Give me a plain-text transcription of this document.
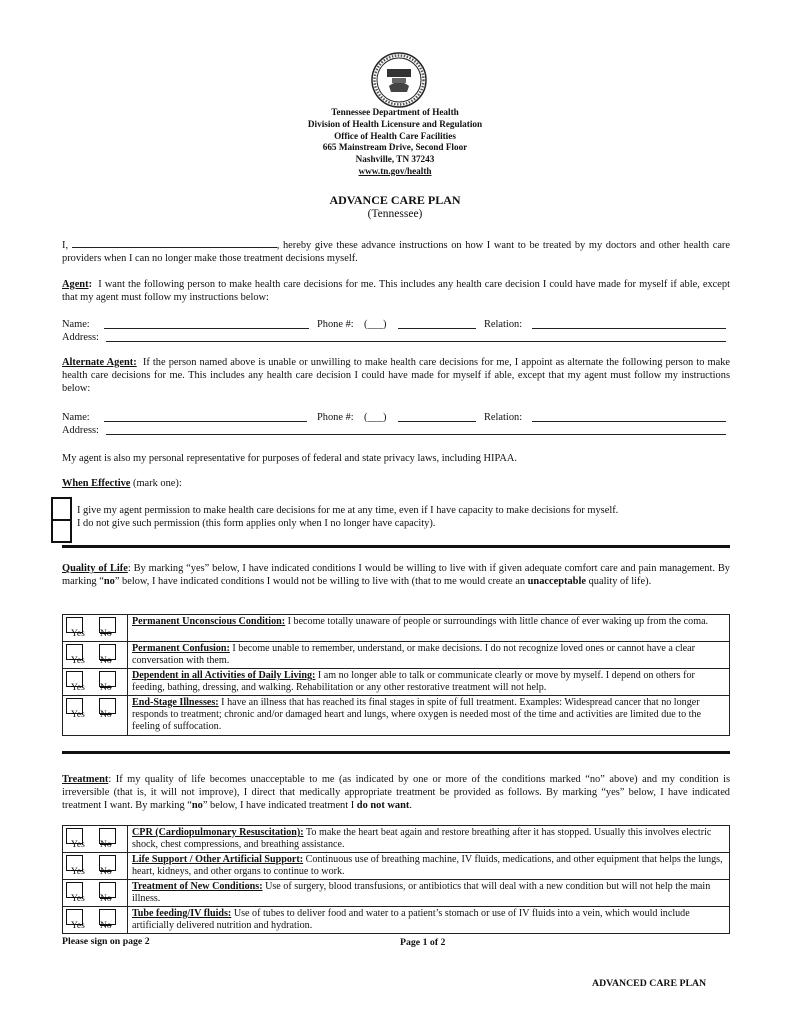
Tennessee Department of Health
Division of Health Licensure and Regulation
Office of Health Care Facilities
665 Mainstream Drive, Second Floor
Nashville, TN 37243
www.tn.gov/health
ADVANCE CARE PLAN
(Tennessee)
I,	, hereby give these advance instructions on how I want to be treated by my doctors and other health care providers when I can no longer make those treatment decisions myself.
Agent: I want the following person to make health care decisions for me. This includes any health care decision I could have made for myself if able, except that my agent must follow my instructions below:
Name:	Phone #: (___)	Relation:
Address:
Alternate Agent: If the person named above is unable or unwilling to make health care decisions for me, I appoint as alternate the following person to make health care decisions for me. This includes any health care decision I could have made for myself if able, except that my agent must follow my instructions below:
Name:	Phone #: (___)	Relation:
Address:
My agent is also my personal representative for purposes of federal and state privacy laws, including HIPAA.
When Effective (mark one):
I give my agent permission to make health care decisions for me at any time, even if I have capacity to make decisions for myself.
I do not give such permission (this form applies only when I no longer have capacity).
Quality of Life: By marking “yes” below, I have indicated conditions I would be willing to live with if given adequate comfort care and pain management. By marking “no” below, I have indicated conditions I would not be willing to live with (that to me would create an unacceptable quality of life).
Yes No	Permanent Unconscious Condition: I become totally unaware of people or surroundings with little chance of ever waking up from the coma.

Yes No	Permanent Confusion: I become unable to remember, understand, or make decisions. I do not recognize loved ones or cannot have a clear conversation with them.

Yes No	Dependent in all Activities of Daily Living: I am no longer able to talk or communicate clearly or move by myself. I depend on others for feeding, bathing, dressing, and walking. Rehabilitation or any other restorative treatment will not help.

Yes No	End-Stage Illnesses: I have an illness that has reached its final stages in spite of full treatment. Examples: Widespread cancer that no longer responds to treatment; chronic and/or damaged heart and lungs, where oxygen is needed most of the time and activities are limited due to the feeling of suffocation.
Treatment: If my quality of life becomes unacceptable to me (as indicated by one or more of the conditions marked “no” above) and my condition is irreversible (that is, it will not improve), I direct that medically appropriate treatment be provided as follows. By marking “yes” below, I have indicated treatment I want. By marking “no” below, I have indicated treatment I do not want.
Yes No	CPR (Cardiopulmonary Resuscitation): To make the heart beat again and restore breathing after it has stopped. Usually this involves electric shock, chest compressions, and breathing assistance.

Yes No	Life Support / Other Artificial Support: Continuous use of breathing machine, IV fluids, medications, and other equipment that helps the lungs, heart, kidneys, and other organs to continue to work.

Yes No	Treatment of New Conditions: Use of surgery, blood transfusions, or antibiotics that will deal with a new condition but will not help the main illness.

Yes No	Tube feeding/IV fluids: Use of tubes to deliver food and water to a patient’s stomach or use of IV fluids into a vein, which would include artificially delivered nutrition and hydration.
Please sign on page 2	Page 1 of 2
ADVANCED CARE PLAN
